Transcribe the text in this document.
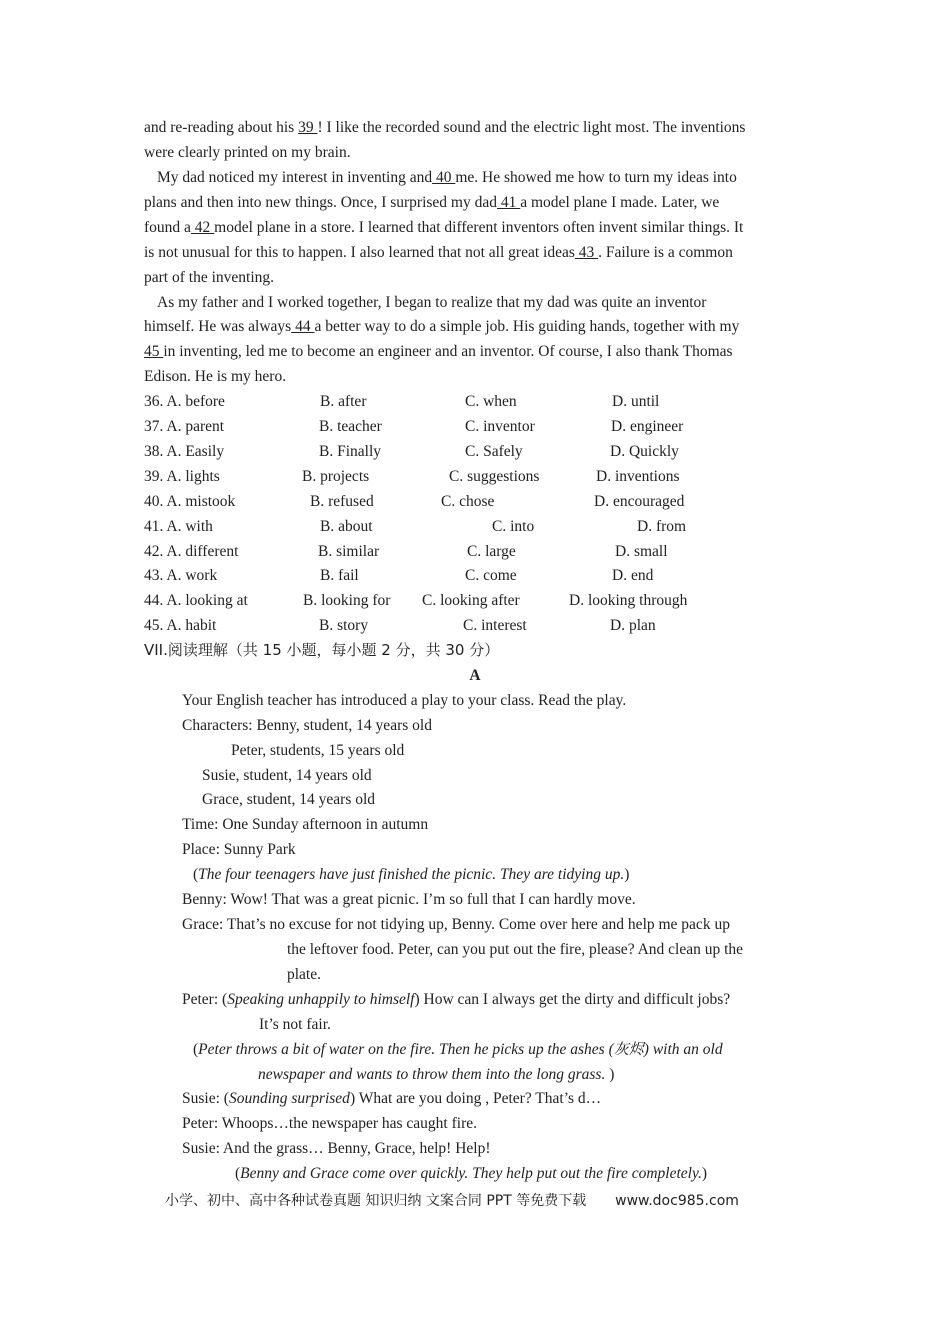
and re-reading about his 39 ! I like the recorded sound and the electric light most. The inventions
were clearly printed on my brain.
My dad noticed my interest in inventing and 40 me. He showed me how to turn my ideas into
plans and then into new things. Once, I surprised my dad 41 a model plane I made. Later, we
found a 42 model plane in a store. I learned that different inventors often invent similar things. It
is not unusual for this to happen. I also learned that not all great ideas 43 . Failure is a common
part of the inventing.
As my father and I worked together, I began to realize that my dad was quite an inventor
himself. He was always 44 a better way to do a simple job. His guiding hands, together with my
45 in inventing, led me to become an engineer and an inventor. Of course, I also thank Thomas
Edison. He is my hero.
36. A. before	B. after	C. when	D. until
37. A. parent	B. teacher	C. inventor	D. engineer
38. A. Easily	B. Finally	C. Safely	D. Quickly
39. A. lights	B. projects	C. suggestions	D. inventions
40. A. mistook	B. refused	C. chose	D. encouraged
41. A. with	B. about	C. into	D. from
42. A. different	B. similar	C. large	D. small
43. A. work	B. fail	C. come	D. end
44. A. looking at	B. looking for C. looking after	D. looking through
45. A. habit	B. story	C. interest	D. plan
VII.阅读理解（共 15 小题，每小题 2 分，共 30 分）
A
Your English teacher has introduced a play to your class. Read the play.
Characters: Benny, student, 14 years old
Peter, students, 15 years old
Susie, student, 14 years old
Grace, student, 14 years old
Time: One Sunday afternoon in autumn
Place: Sunny Park
(The four teenagers have just finished the picnic. They are tidying up.)
Benny: Wow! That was a great picnic. I’m so full that I can hardly move.
Grace: That’s no excuse for not tidying up, Benny. Come over here and help me pack up
the leftover food. Peter, can you put out the fire, please? And clean up the
plate.
Peter: (Speaking unhappily to himself) How can I always get the dirty and difficult jobs?
It’s not fair.
(Peter throws a bit of water on the fire. Then he picks up the ashes (灰烬) with an old
newspaper and wants to throw them into the long grass. )
Susie: (Sounding surprised) What are you doing , Peter? That’s d…
Peter: Whoops…the newspaper has caught fire.
Susie: And the grass… Benny, Grace, help! Help!
(Benny and Grace come over quickly. They help put out the fire completely.)
小学、初中、高中各种试卷真题 知识归纳 文案合同 PPT 等免费下载 www.doc985.com
